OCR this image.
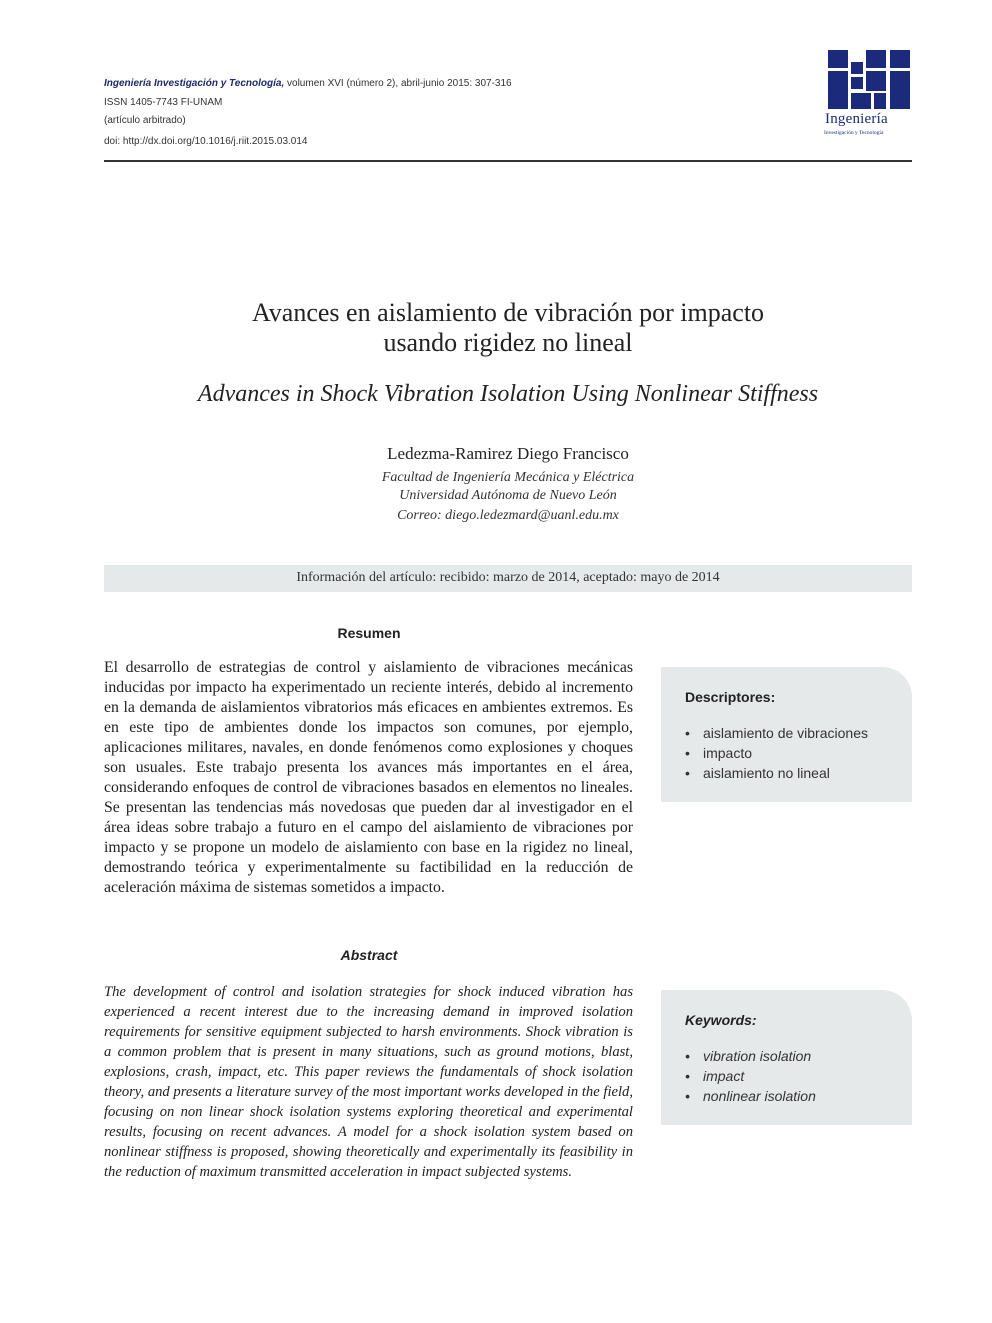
Ingeniería Investigación y Tecnología, volumen XVI (número 2), abril-junio 2015: 307-316
ISSN 1405-7743 FI-UNAM
(artículo arbitrado)
doi: http://dx.doi.org/10.1016/j.riit.2015.03.014
Ingeniería
Investigación y Tecnología
Avances en aislamiento de vibración por impacto
usando rigidez no lineal
Advances in Shock Vibration Isolation Using Nonlinear Stiffness
Ledezma-Ramirez Diego Francisco
Facultad de Ingeniería Mecánica y Eléctrica
Universidad Autónoma de Nuevo León
Correo: diego.ledezmard@uanl.edu.mx
Información del artículo: recibido: marzo de 2014, aceptado: mayo de 2014
Resumen
El desarrollo de estrategias de control y aislamiento de vibraciones mecánicas inducidas por impacto ha experimentado un reciente interés, debido al incremento en la demanda de aislamientos vibratorios más eficaces en ambientes extremos. Es en este tipo de ambientes donde los impactos son comunes, por ejemplo, aplicaciones militares, navales, en donde fenómenos como explosiones y choques son usuales. Este trabajo presenta los avances más importantes en el área, considerando enfoques de control de vibraciones basados en elementos no lineales. Se presentan las tendencias más novedosas que pueden dar al investigador en el área ideas sobre trabajo a futuro en el campo del aislamiento de vibraciones por impacto y se propone un modelo de aislamiento con base en la rigidez no lineal, demostrando teórica y experimentalmente su factibilidad en la reducción de aceleración máxima de sistemas sometidos a impacto.
Descriptores:
• aislamiento de vibraciones
• impacto
• aislamiento no lineal
Abstract
The development of control and isolation strategies for shock induced vibration has experienced a recent interest due to the increasing demand in improved isolation requirements for sensitive equipment subjected to harsh environments. Shock vibration is a common problem that is present in many situations, such as ground motions, blast, explosions, crash, impact, etc. This paper reviews the fundamentals of shock isolation theory, and presents a literature survey of the most important works developed in the field, focusing on non linear shock isolation systems exploring theoretical and experimental results, focusing on recent advances. A model for a shock isolation system based on nonlinear stiffness is proposed, showing theoretically and experimentally its feasibility in the reduction of maximum transmitted acceleration in impact subjected systems.
Keywords:
• vibration isolation
• impact
• nonlinear isolation
